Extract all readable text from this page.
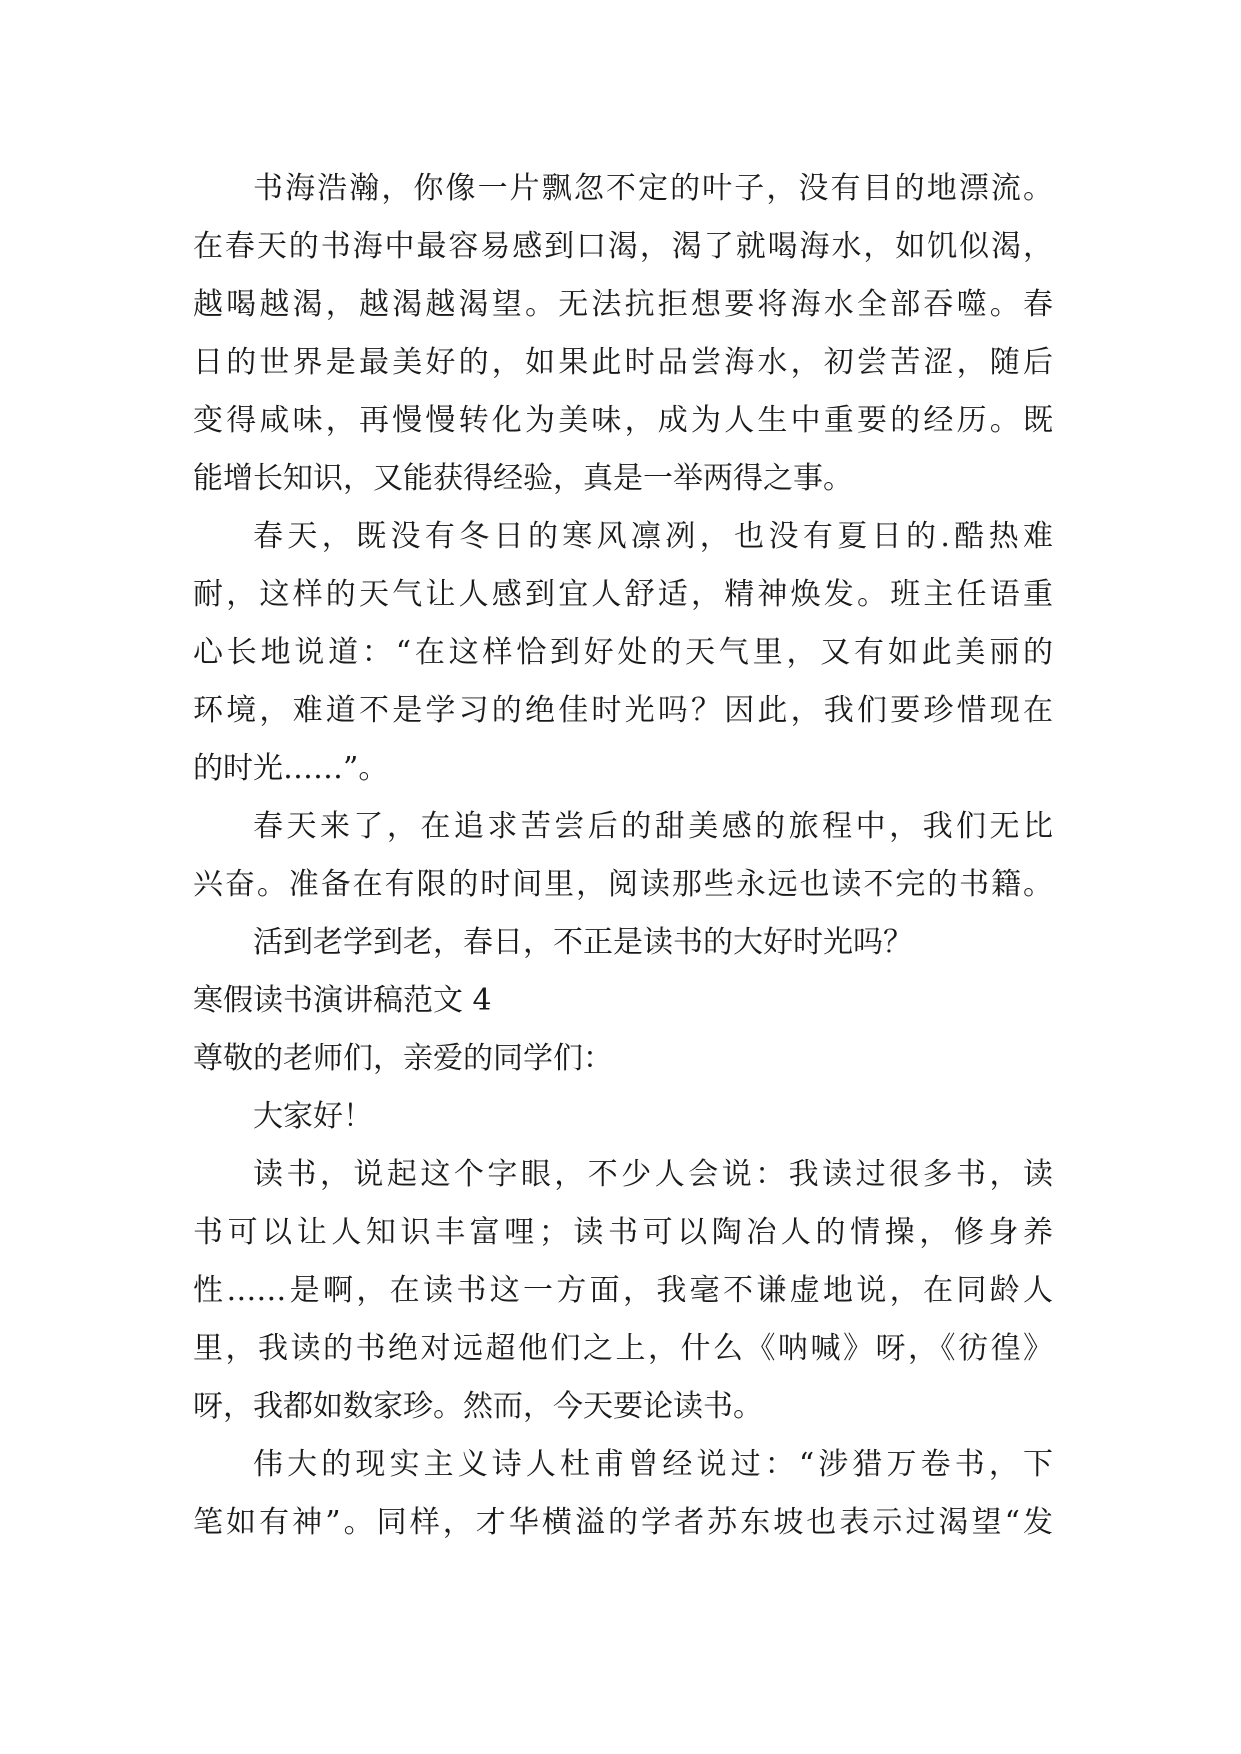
书海浩瀚，你像一片飘忽不定的叶子，没有目的地漂流。
在春天的书海中最容易感到口渴，渴了就喝海水，如饥似渴，
越喝越渴，越渴越渴望。无法抗拒想要将海水全部吞噬。春
日的世界是最美好的，如果此时品尝海水，初尝苦涩，随后
变得咸味，再慢慢转化为美味，成为人生中重要的经历。既
能增长知识，又能获得经验，真是一举两得之事。
春天，既没有冬日的寒风凛冽，也没有夏日的.酷热难
耐，这样的天气让人感到宜人舒适，精神焕发。班主任语重
心长地说道：“在这样恰到好处的天气里，又有如此美丽的
环境，难道不是学习的绝佳时光吗？因此，我们要珍惜现在
的时光……”。
春天来了，在追求苦尝后的甜美感的旅程中，我们无比
兴奋。准备在有限的时间里，阅读那些永远也读不完的书籍。
活到老学到老，春日，不正是读书的大好时光吗？
寒假读书演讲稿范文 4
尊敬的老师们，亲爱的同学们：
大家好！
读书，说起这个字眼，不少人会说：我读过很多书，读
书可以让人知识丰富哩；读书可以陶冶人的情操，修身养
性……是啊，在读书这一方面，我毫不谦虚地说，在同龄人
里，我读的书绝对远超他们之上，什么《呐喊》呀，《彷徨》
呀，我都如数家珍。然而，今天要论读书。
伟大的现实主义诗人杜甫曾经说过：“涉猎万卷书，下
笔如有神”。同样，才华横溢的学者苏东坡也表示过渴望“发
